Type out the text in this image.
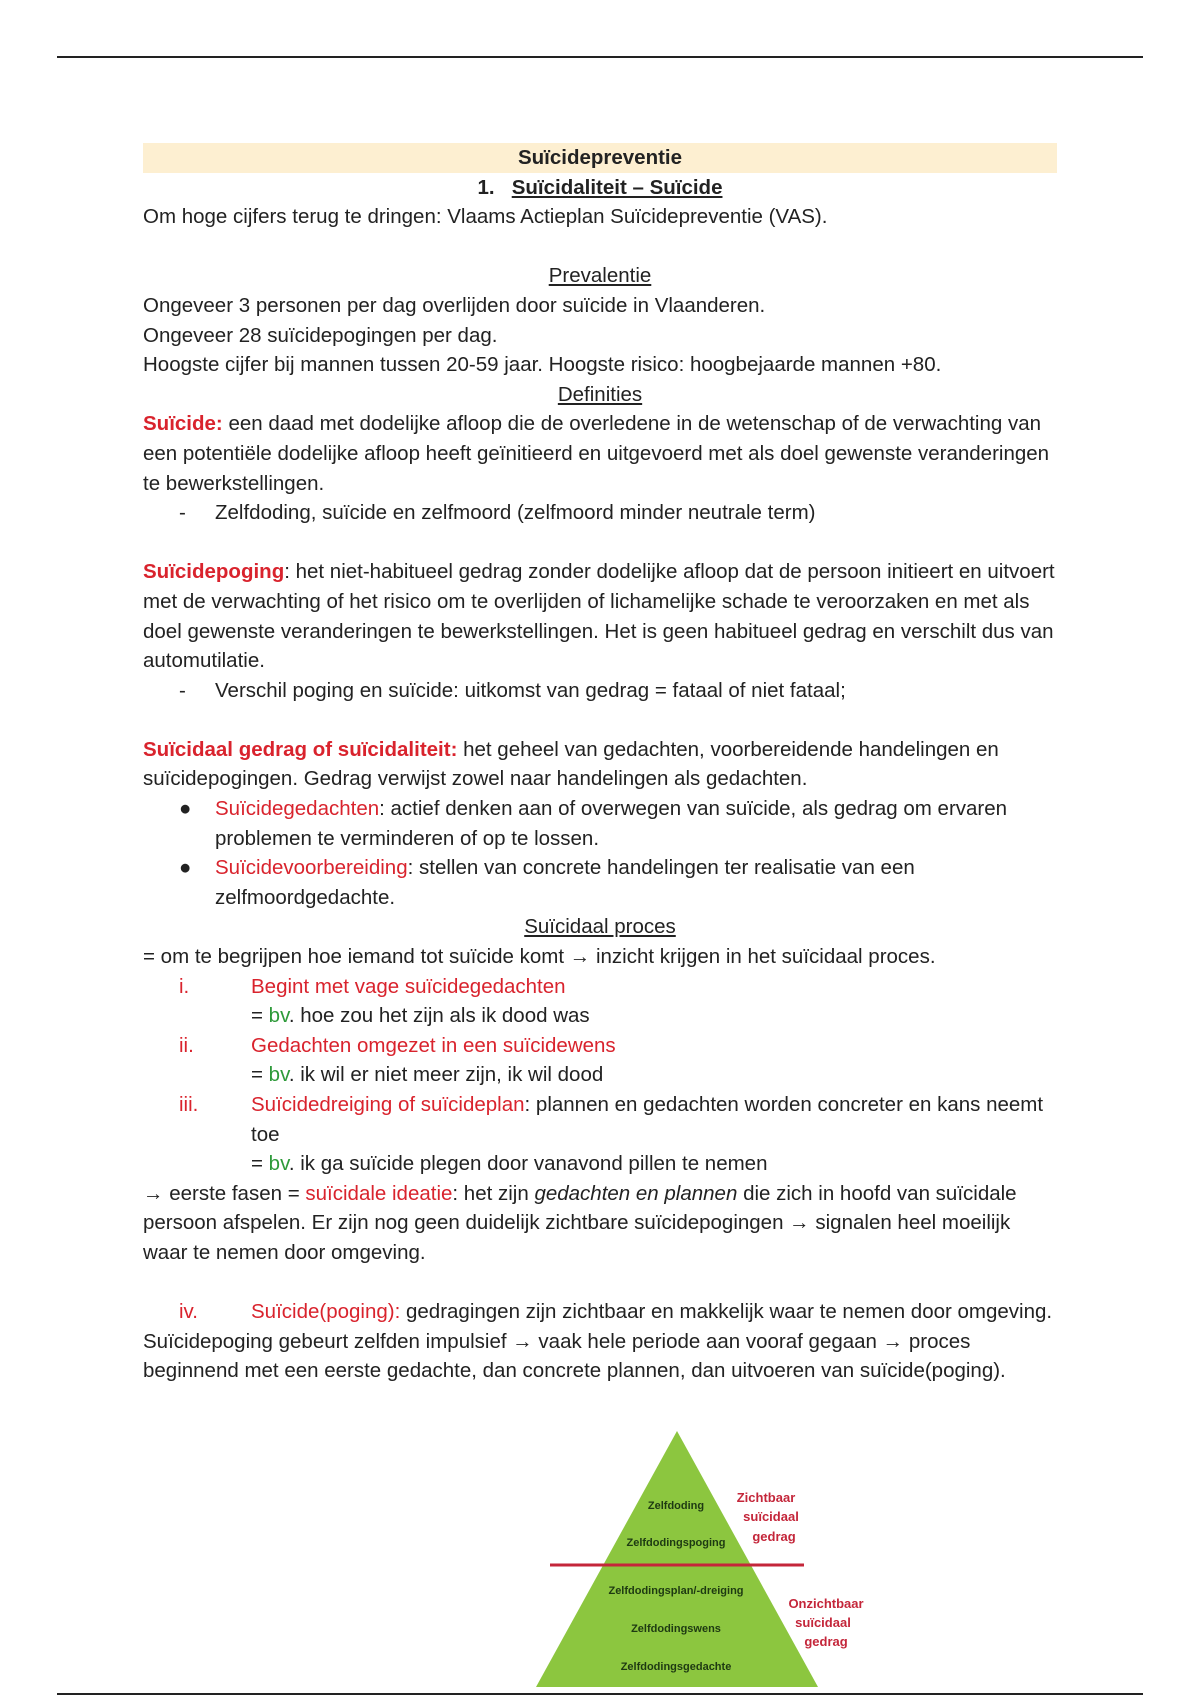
Suïcidepreventie
1. Suïcidaliteit – Suïcide
Om hoge cijfers terug te dringen: Vlaams Actieplan Suïcidepreventie (VAS).
Prevalentie
Ongeveer 3 personen per dag overlijden door suïcide in Vlaanderen.
Ongeveer 28 suïcidepogingen per dag.
Hoogste cijfer bij mannen tussen 20-59 jaar. Hoogste risico: hoogbejaarde mannen +80.
Definities
Suïcide: een daad met dodelijke afloop die de overledene in de wetenschap of de verwachting van een potentiële dodelijke afloop heeft geïnitieerd en uitgevoerd met als doel gewenste veranderingen te bewerkstellingen.
- Zelfdoding, suïcide en zelfmoord (zelfmoord minder neutrale term)
Suïcidepoging: het niet-habitueel gedrag zonder dodelijke afloop dat de persoon initieert en uitvoert met de verwachting of het risico om te overlijden of lichamelijke schade te veroorzaken en met als doel gewenste veranderingen te bewerkstellingen. Het is geen habitueel gedrag en verschilt dus van automutilatie.
- Verschil poging en suïcide: uitkomst van gedrag = fataal of niet fataal;
Suïcidaal gedrag of suïcidaliteit: het geheel van gedachten, voorbereidende handelingen en suïcidepogingen. Gedrag verwijst zowel naar handelingen als gedachten.
● Suïcidegedachten: actief denken aan of overwegen van suïcide, als gedrag om ervaren problemen te verminderen of op te lossen.
● Suïcidevoorbereiding: stellen van concrete handelingen ter realisatie van een zelfmoordgedachte.
Suïcidaal proces
= om te begrijpen hoe iemand tot suïcide komt → inzicht krijgen in het suïcidaal proces.
i.	Begint met vage suïcidegedachten
= bv. hoe zou het zijn als ik dood was
ii.	Gedachten omgezet in een suïcidewens
= bv. ik wil er niet meer zijn, ik wil dood
iii.	Suïcidedreiging of suïcideplan: plannen en gedachten worden concreter en kans neemt toe
= bv. ik ga suïcide plegen door vanavond pillen te nemen
→ eerste fasen = suïcidale ideatie: het zijn gedachten en plannen die zich in hoofd van suïcidale persoon afspelen. Er zijn nog geen duidelijk zichtbare suïcidepogingen → signalen heel moeilijk waar te nemen door omgeving.
iv.	Suïcide(poging): gedragingen zijn zichtbaar en makkelijk waar te nemen door omgeving.
Suïcidepoging gebeurt zelfden impulsief → vaak hele periode aan vooraf gegaan → proces beginnend met een eerste gedachte, dan concrete plannen, dan uitvoeren van suïcide(poging).
Zelfdoding
Zelfdodingspoging
Zelfdodingsplan/-dreiging
Zelfdodingswens
Zelfdodingsgedachte
Zichtbaar
suïcidaal
gedrag
Onzichtbaar
suïcidaal
gedrag
